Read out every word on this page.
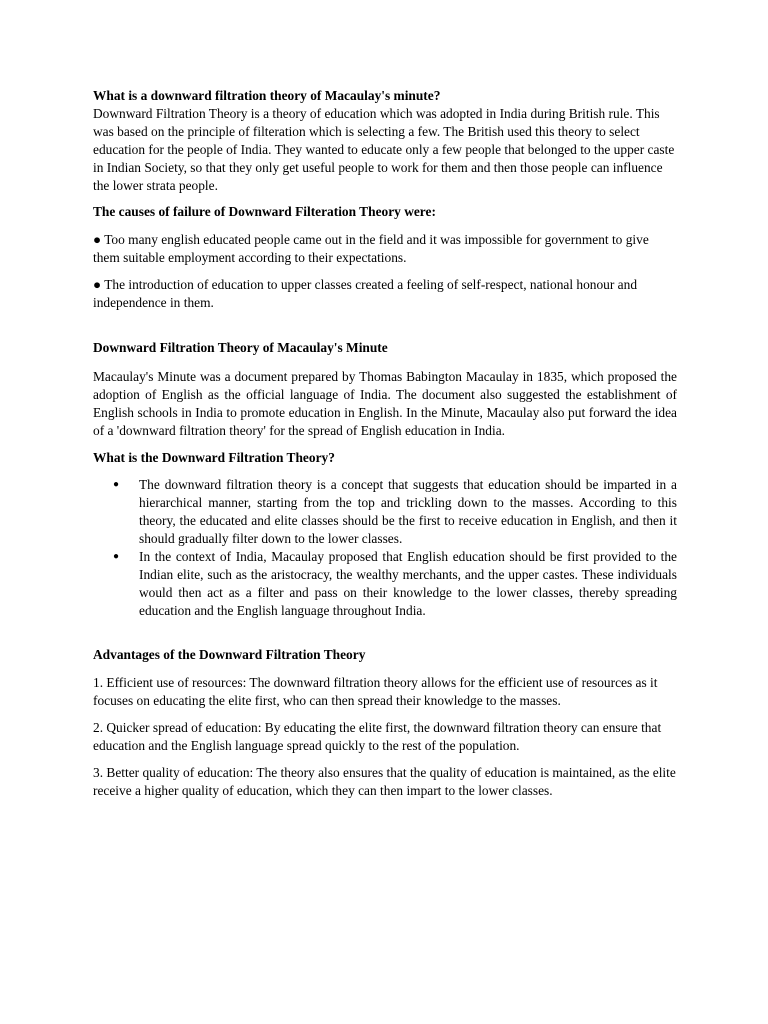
What is a downward filtration theory of Macaulay's minute?

Downward Filtration Theory is a theory of education which was adopted in India during British rule. This was based on the principle of filteration which is selecting a few. The British used this theory to select education for the people of India. They wanted to educate only a few people that belonged to the upper caste in Indian Society, so that they only get useful people to work for them and then those people can influence the lower strata people.

The causes of failure of Downward Filteration Theory were:

● Too many english educated people came out in the field and it was impossible for government to give them suitable employment according to their expectations.

● The introduction of education to upper classes created a feeling of self-respect, national honour and independence in them.

Downward Filtration Theory of Macaulay's Minute

Macaulay's Minute was a document prepared by Thomas Babington Macaulay in 1835, which proposed the adoption of English as the official language of India. The document also suggested the establishment of English schools in India to promote education in English. In the Minute, Macaulay also put forward the idea of a 'downward filtration theory' for the spread of English education in India.

What is the Downward Filtration Theory?
● The downward filtration theory is a concept that suggests that education should be imparted in a hierarchical manner, starting from the top and trickling down to the masses. According to this theory, the educated and elite classes should be the first to receive education in English, and then it should gradually filter down to the lower classes.
● In the context of India, Macaulay proposed that English education should be first provided to the Indian elite, such as the aristocracy, the wealthy merchants, and the upper castes. These individuals would then act as a filter and pass on their knowledge to the lower classes, thereby spreading education and the English language throughout India.
Advantages of the Downward Filtration Theory

1. Efficient use of resources: The downward filtration theory allows for the efficient use of resources as it focuses on educating the elite first, who can then spread their knowledge to the masses.

2. Quicker spread of education: By educating the elite first, the downward filtration theory can ensure that education and the English language spread quickly to the rest of the population.

3. Better quality of education: The theory also ensures that the quality of education is maintained, as the elite receive a higher quality of education, which they can then impart to the lower classes.
